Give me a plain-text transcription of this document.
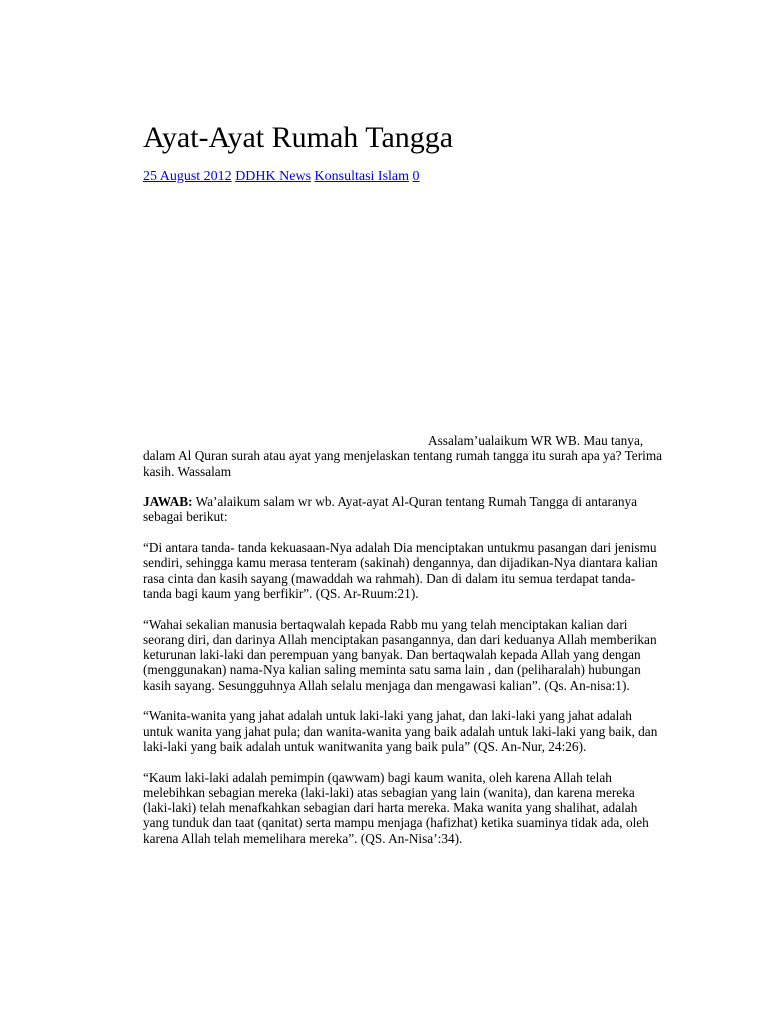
Ayat-Ayat Rumah Tangga
25 August 2012 DDHK News Konsultasi Islam 0

Assalam’ualaikum WR WB. Mau tanya, dalam Al Quran surah atau ayat yang menjelaskan tentang rumah tangga itu surah apa ya? Terima kasih. Wassalam

JAWAB: Wa’alaikum salam wr wb. Ayat-ayat Al-Quran tentang Rumah Tangga di antaranya sebagai berikut:

“Di antara tanda- tanda kekuasaan-Nya adalah Dia menciptakan untukmu pasangan dari jenismu sendiri, sehingga kamu merasa tenteram (sakinah) dengannya, dan dijadikan-Nya diantara kalian rasa cinta dan kasih sayang (mawaddah wa rahmah). Dan di dalam itu semua terdapat tanda-tanda bagi kaum yang berfikir”. (QS. Ar-Ruum:21).

“Wahai sekalian manusia bertaqwalah kepada Rabb mu yang telah menciptakan kalian dari seorang diri, dan darinya Allah menciptakan pasangannya, dan dari keduanya Allah memberikan keturunan laki-laki dan perempuan yang banyak. Dan bertaqwalah kepada Allah yang dengan (menggunakan) nama-Nya kalian saling meminta satu sama lain , dan (peliharalah) hubungan kasih sayang. Sesungguhnya Allah selalu menjaga dan mengawasi kalian”. (Qs. An-nisa:1).

“Wanita-wanita yang jahat adalah untuk laki-laki yang jahat, dan laki-laki yang jahat adalah untuk wanita yang jahat pula; dan wanita-wanita yang baik adalah untuk laki-laki yang baik, dan laki-laki yang baik adalah untuk wanitwanita yang baik pula” (QS. An-Nur, 24:26).

“Kaum laki-laki adalah pemimpin (qawwam) bagi kaum wanita, oleh karena Allah telah melebihkan sebagian mereka (laki-laki) atas sebagian yang lain (wanita), dan karena mereka (laki-laki) telah menafkahkan sebagian dari harta mereka. Maka wanita yang shalihat, adalah yang tunduk dan taat (qanitat) serta mampu menjaga (hafizhat) ketika suaminya tidak ada, oleh karena Allah telah memelihara mereka”. (QS. An-Nisa’:34).
